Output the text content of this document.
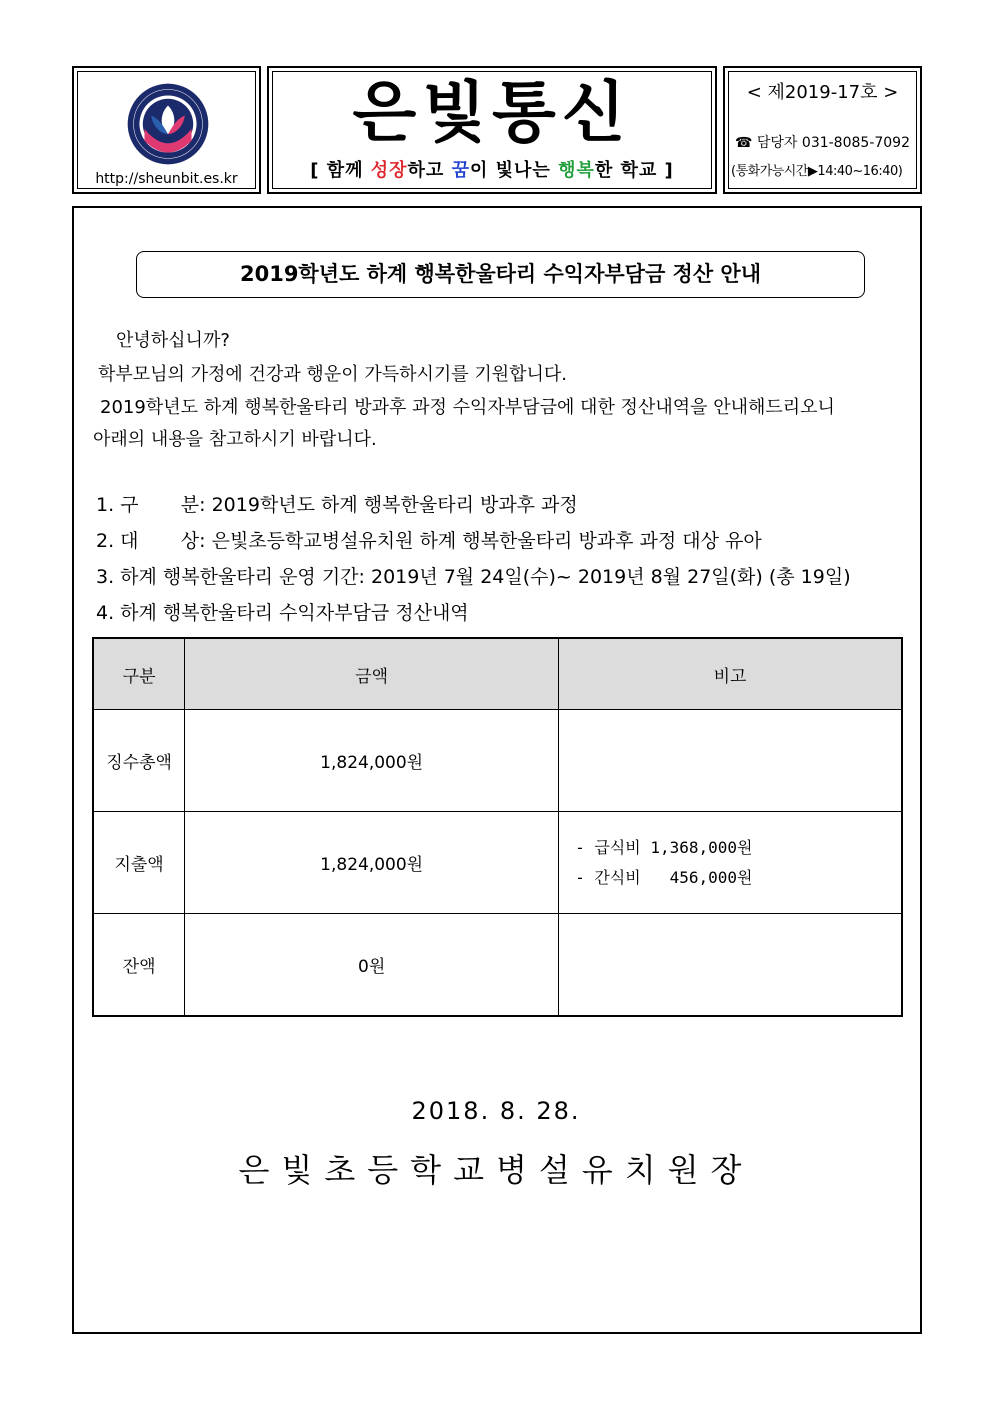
http://sheunbit.es.kr
은빛통신
[ 함께 성장하고 꿈이 빛나는 행복한 학교 ]
< 제2019-17호 >
☎ 담당자 031-8085-7092
(통화가능시간▶14:40~16:40)
2019학년도 하계 행복한울타리 수익자부담금 정산 안내
안녕하십니까?
학부모님의 가정에 건강과 행운이 가득하시기를 기원합니다.
2019학년도 하계 행복한울타리 방과후 과정 수익자부담금에 대한 정산내역을 안내해드리오니
아래의 내용을 참고하시기 바랍니다.
1. 구       분: 2019학년도 하계 행복한울타리 방과후 과정
2. 대       상: 은빛초등학교병설유치원 하계 행복한울타리 방과후 과정 대상 유아
3. 하계 행복한울타리 운영 기간: 2019년 7월 24일(수)~ 2019년 8월 27일(화) (총 19일)
4. 하계 행복한울타리 수익자부담금 정산내역
구분	금액	비고
징수총액	1,824,000원	
지출액	1,824,000원	- 급식비 1,368,000원
- 간식비   456,000원

잔액	0원	
2018. 8. 28.
은빛초등학교병설유치원장
